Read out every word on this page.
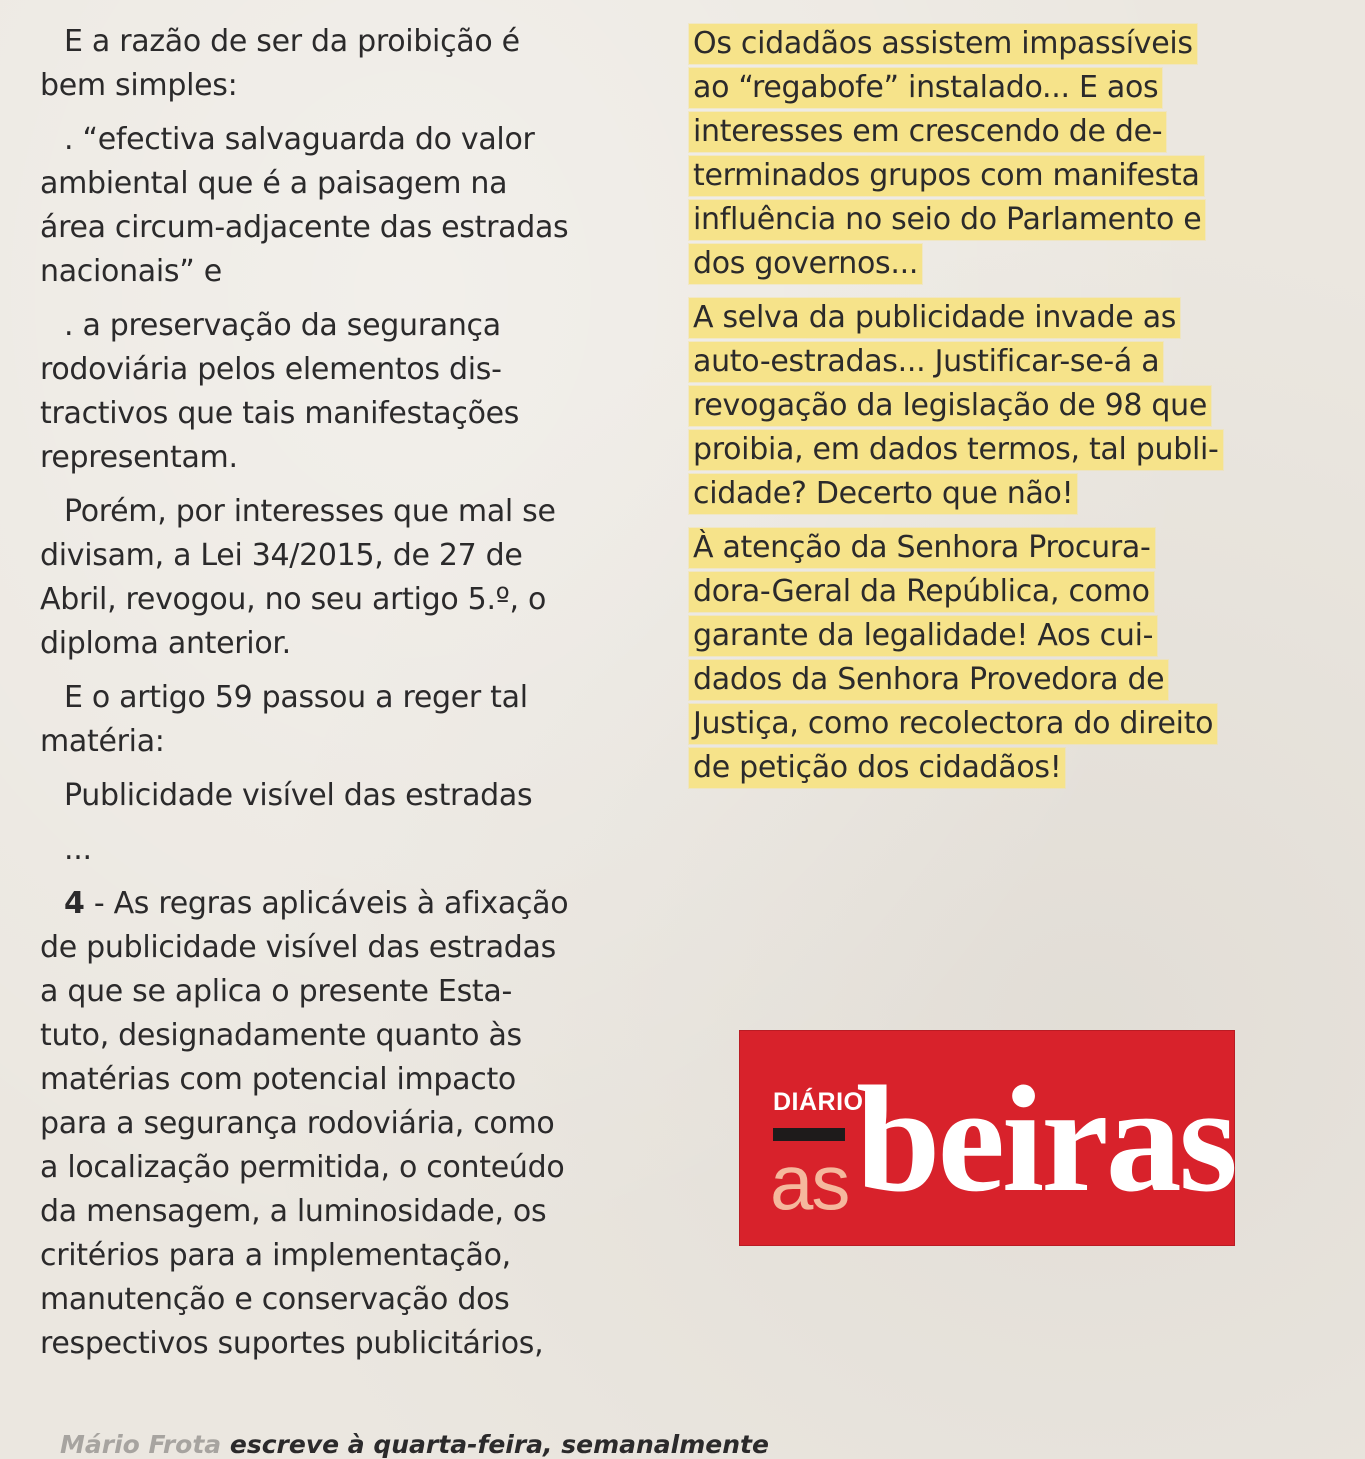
E a razão de ser da proibição é
bem simples:
. “efectiva salvaguarda do valor
ambiental que é a paisagem na
área circum-adjacente das estradas
nacionais” e
. a preservação da segurança
rodoviária pelos elementos dis-
tractivos que tais manifestações
representam.
Porém, por interesses que mal se
divisam, a Lei 34/2015, de 27 de
Abril, revogou, no seu artigo 5.º, o
diploma anterior.
E o artigo 59 passou a reger tal
matéria:
Publicidade visível das estradas
...
4 - As regras aplicáveis à afixação
de publicidade visível das estradas
a que se aplica o presente Esta-
tuto, designadamente quanto às
matérias com potencial impacto
para a segurança rodoviária, como
a localização permitida, o conteúdo
da mensagem, a luminosidade, os
critérios para a implementação,
manutenção e conservação dos
respectivos suportes publicitários,
Os cidadãos assistem impassíveis
ao “regabofe” instalado... E aos
interesses em crescendo de de-
terminados grupos com manifesta
influência no seio do Parlamento e
dos governos...
A selva da publicidade invade as
auto-estradas... Justificar-se-á a
revogação da legislação de 98 que
proibia, em dados termos, tal publi-
cidade? Decerto que não!
À atenção da Senhora Procura-
dora-Geral da República, como
garante da legalidade! Aos cui-
dados da Senhora Provedora de
Justiça, como recolectora do direito
de petição dos cidadãos!
DIÁRIO
as beiras
Mário Frota escreve à quarta-feira, semanalmente
